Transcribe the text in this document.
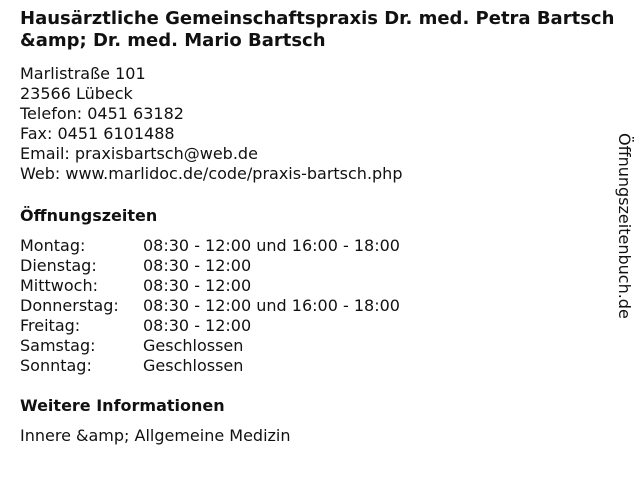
Hausärztliche Gemeinschaftspraxis Dr. med. Petra Bartsch &amp; Dr. med. Mario Bartsch
Marlistraße 101
23566 Lübeck
Telefon: 0451 63182
Fax: 0451 6101488
Email: praxisbartsch@web.de
Web: www.marlidoc.de/code/praxis-bartsch.php
Öffnungszeiten
Montag:	08:30 - 12:00 und 16:00 - 18:00
Dienstag:	08:30 - 12:00
Mittwoch:	08:30 - 12:00
Donnerstag:	08:30 - 12:00 und 16:00 - 18:00
Freitag:	08:30 - 12:00
Samstag:	Geschlossen
Sonntag:	Geschlossen
Weitere Informationen
Innere &amp; Allgemeine Medizin
Öffnungszeitenbuch.de
